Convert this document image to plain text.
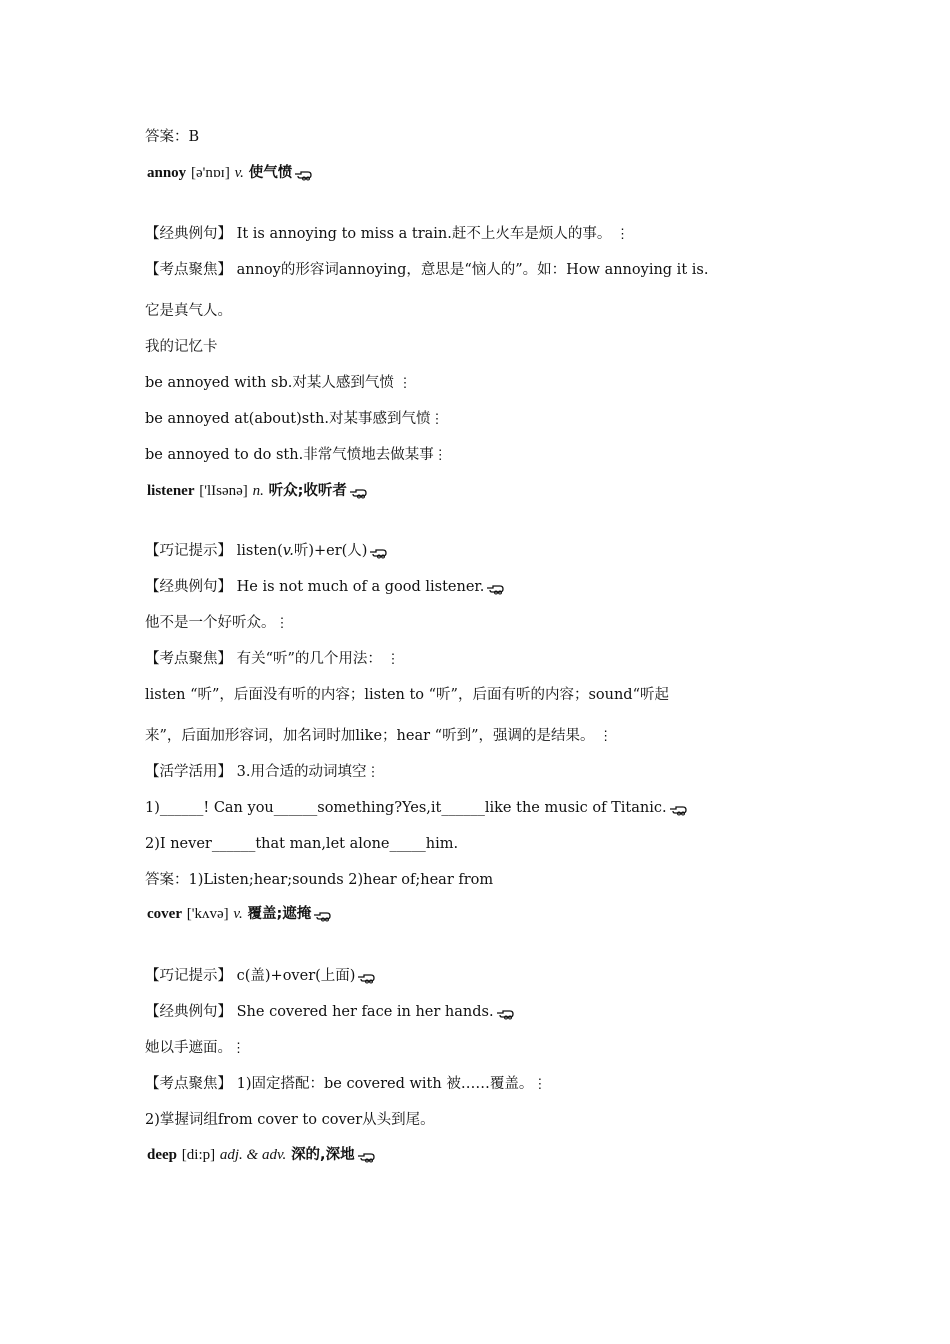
答案：B
annoy [ə'nɒɪ] v. 使气愤
【经典例句】 It is annoying to miss a train.赶不上火车是烦人的事。 ⋮
【考点聚焦】 annoy的形容词annoying，意思是“恼人的”。如：How annoying it is.
它是真气人。
我的记忆卡
be annoyed with sb.对某人感到气愤 ⋮
be annoyed at(about)sth.对某事感到气愤⋮
be annoyed to do sth.非常气愤地去做某事⋮
listener ['lIsənə] n. 听众;收听者
【巧记提示】 listen(v.听)+er(人)
【经典例句】 He is not much of a good listener.
他不是一个好听众。⋮
【考点聚焦】 有关“听”的几个用法： ⋮
listen “听”，后面没有听的内容；listen to “听”，后面有听的内容；sound“听起
来”，后面加形容词，加名词时加like；hear “听到”，强调的是结果。 ⋮
【活学活用】 3.用合适的动词填空⋮
1)______! Can you______something?Yes,it______like the music of Titanic.
2)I never______that man,let alone_____him.
答案：1)Listen;hear;sounds 2)hear of;hear from
cover ['kʌvə] v. 覆盖;遮掩
【巧记提示】 c(盖)+over(上面)
【经典例句】 She covered her face in her hands.
她以手遮面。⋮
【考点聚焦】 1)固定搭配：be covered with 被……覆盖。⋮
2)掌握词组from cover to cover从头到尾。
deep [di:p] adj. & adv. 深的,深地
